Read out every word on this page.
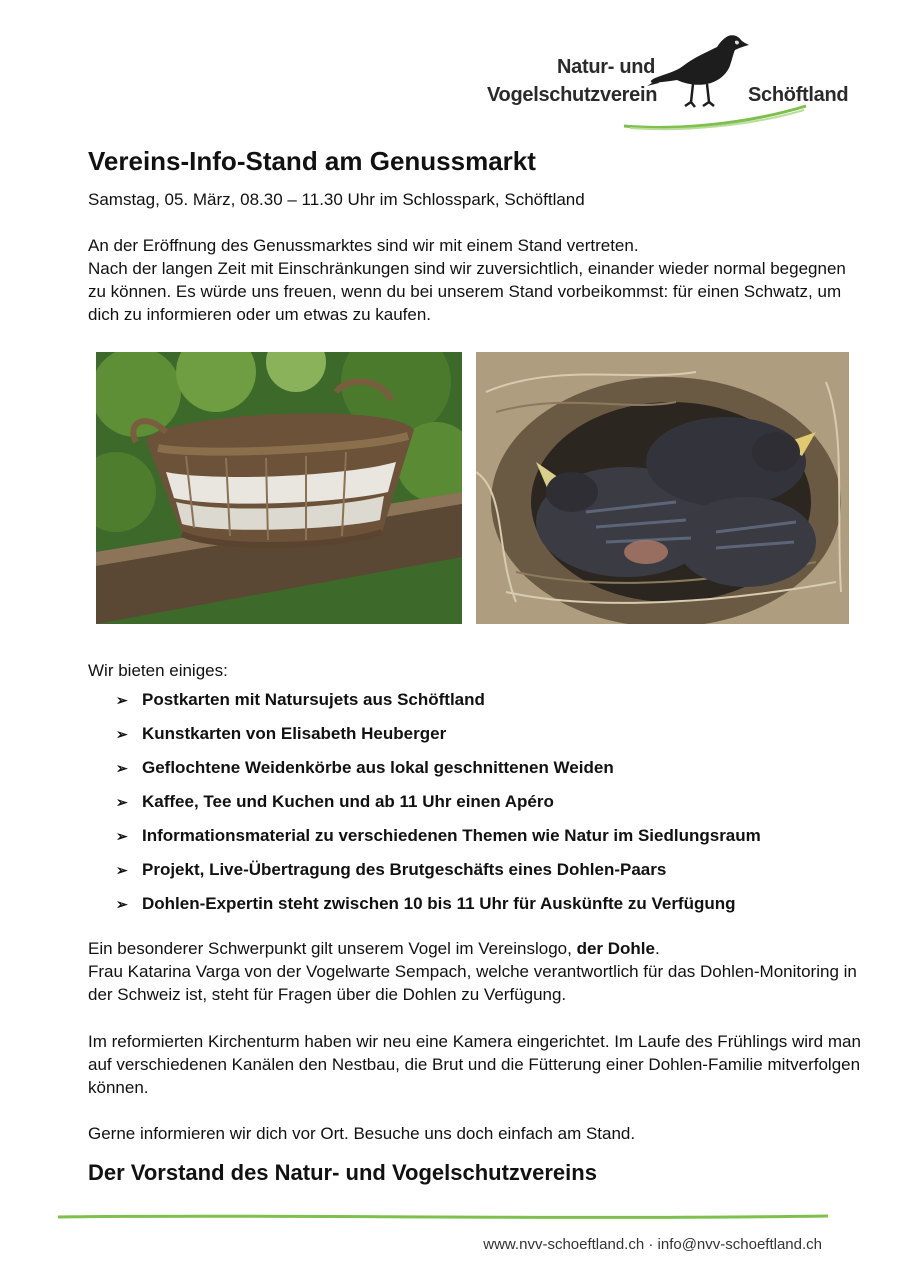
Natur- und
Vogelschutzverein	Schöftland
Vereins-Info-Stand am Genussmarkt
Samstag, 05. März, 08.30 – 11.30 Uhr im Schlosspark, Schöftland

An der Eröffnung des Genussmarktes sind wir mit einem Stand vertreten.

Nach der langen Zeit mit Einschränkungen sind wir zuversichtlich, einander wieder normal begegnen zu können. Es würde uns freuen, wenn du bei unserem Stand vorbeikommst: für einen Schwatz, um dich zu informieren oder um etwas zu kaufen.

Wir bieten einiges:
➢ Postkarten mit Natursujets aus Schöftland
➢ Kunstkarten von Elisabeth Heuberger
➢ Geflochtene Weidenkörbe aus lokal geschnittenen Weiden
➢ Kaffee, Tee und Kuchen und ab 11 Uhr einen Apéro
➢ Informationsmaterial zu verschiedenen Themen wie Natur im Siedlungsraum
➢ Projekt, Live-Übertragung des Brutgeschäfts eines Dohlen-Paars
➢ Dohlen-Expertin steht zwischen 10 bis 11 Uhr für Auskünfte zu Verfügung
Ein besonderer Schwerpunkt gilt unserem Vogel im Vereinslogo, der Dohle.
Frau Katarina Varga von der Vogelwarte Sempach, welche verantwortlich für das Dohlen-Monitoring in der Schweiz ist, steht für Fragen über die Dohlen zu Verfügung.

Im reformierten Kirchenturm haben wir neu eine Kamera eingerichtet. Im Laufe des Frühlings wird man auf verschiedenen Kanälen den Nestbau, die Brut und die Fütterung einer Dohlen-Familie mitverfolgen können.

Gerne informieren wir dich vor Ort. Besuche uns doch einfach am Stand.

Der Vorstand des Natur- und Vogelschutzvereins
www.nvv-schoeftland.ch · info@nvv-schoeftland.ch
